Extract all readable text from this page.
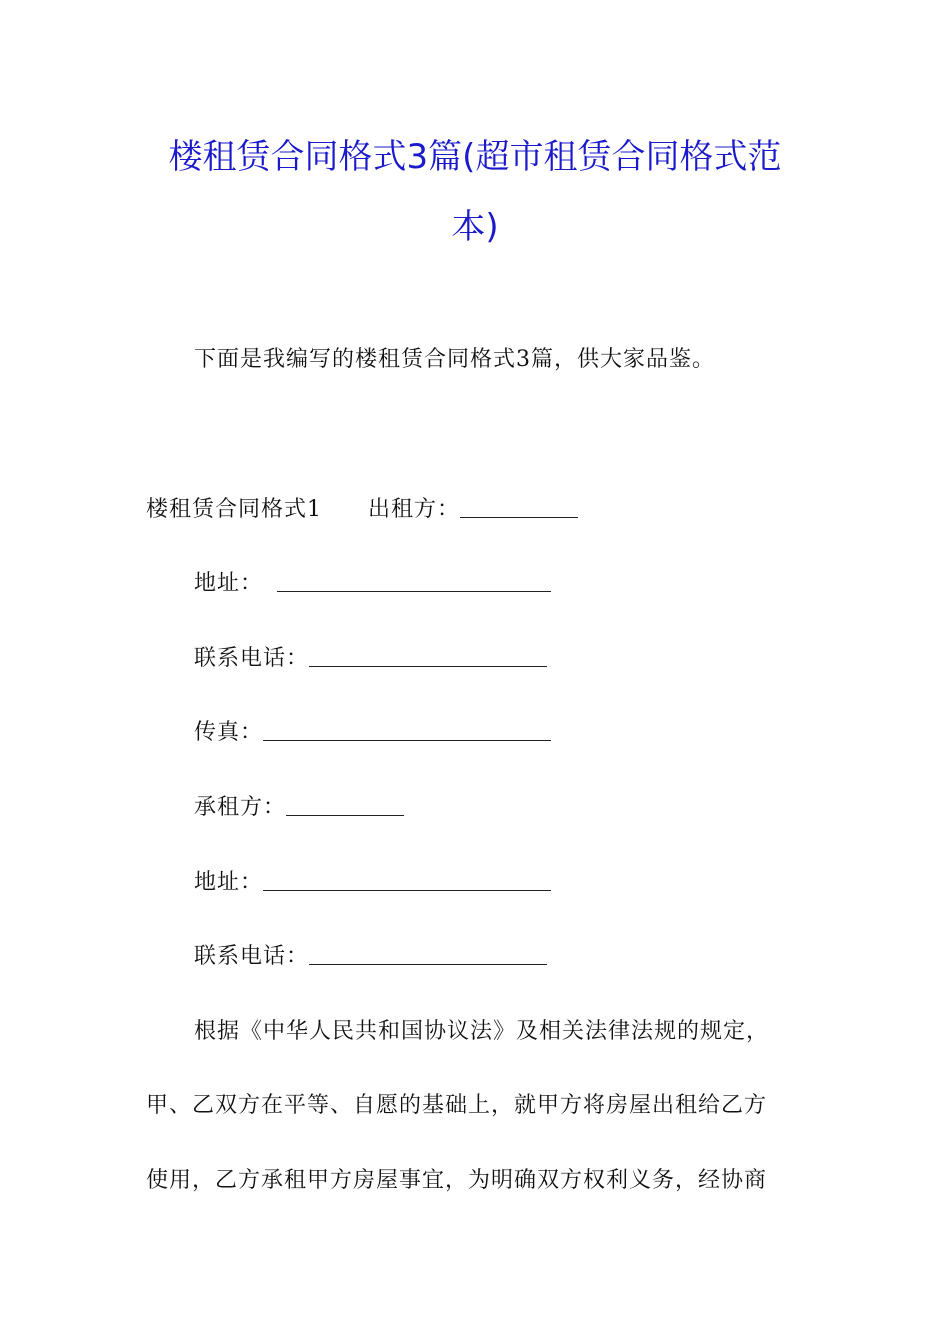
楼租赁合同格式3篇(超市租赁合同格式范
本)
下面是我编写的楼租赁合同格式3篇，供大家品鉴。
楼租赁合同格式1 出租方：
地址：
联系电话：
传真：
承租方：
地址：
联系电话：
根据《中华人民共和国协议法》及相关法律法规的规定，
甲、乙双方在平等、自愿的基础上，就甲方将房屋出租给乙方
使用，乙方承租甲方房屋事宜，为明确双方权利义务，经协商
